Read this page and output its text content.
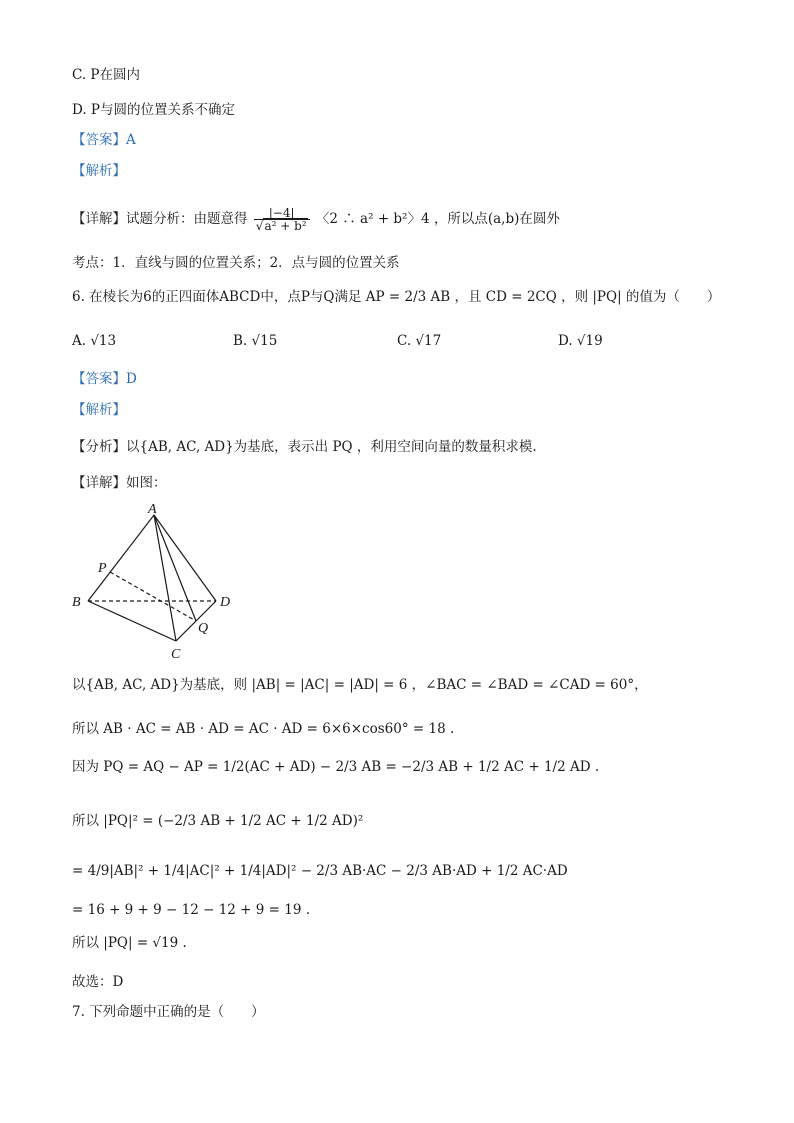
C. P在圆内
D. P与圆的位置关系不确定
【答案】A
【解析】
【详解】试题分析：由题意得 $\frac{|-4|}{\text{√a² + b²}}$ 〈2 ∴ a² + b²〉4 ，所以点(a,b)在圆外
考点：1．直线与圆的位置关系；2．点与圆的位置关系
6. 在棱长为6的正四面体ABCD中，点P与Q满足 AP = 2/3 AB ，且 CD = 2CQ ，则 |PQ| 的值为（　　）
A. √13	B. √15	C. √17	D. √19
【答案】D
【解析】
【分析】以{AB, AC, AD}为基底，表示出 PQ ，利用空间向量的数量积求模.
【详解】如图：
A
B
C
D
P
Q
以{AB, AC, AD}为基底，则 |AB| = |AC| = |AD| = 6 ，∠BAC = ∠BAD = ∠CAD = 60°，
所以 AB · AC = AB · AD = AC · AD = 6×6×cos60° = 18 .
因为 PQ = AQ − AP = 1/2(AC + AD) − 2/3 AB = −2/3 AB + 1/2 AC + 1/2 AD .
所以 |PQ|² = (−2/3 AB + 1/2 AC + 1/2 AD)²
= 4/9|AB|² + 1/4|AC|² + 1/4|AD|² − 2/3 AB·AC − 2/3 AB·AD + 1/2 AC·AD
= 16 + 9 + 9 − 12 − 12 + 9 = 19 .
所以 |PQ| = √19 .
故选：D
7. 下列命题中正确的是（　　）
